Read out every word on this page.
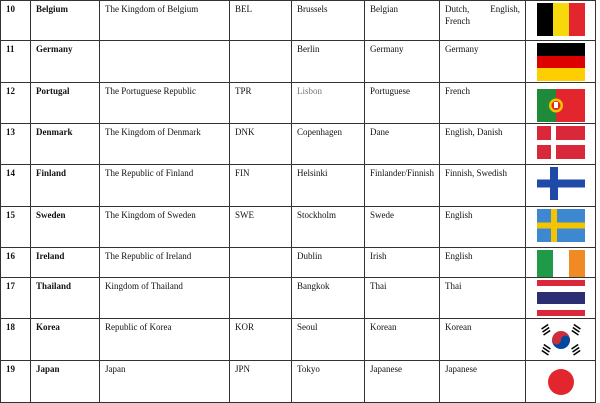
10	Belgium	The Kingdom of Belgium	BEL	Brussels	Belgian	Dutch, English,
French

11	Germany			Berlin	Germany	Germany	

12	Portugal	The Portuguese Republic	TPR	Lisbon	Portuguese	French	

13	Denmark	The Kingdom of Denmark	DNK	Copenhagen	Dane	English, Danish	

14	Finland	The Republic of Finland	FIN	Helsinki	Finlander/Finnish	Finnish, Swedish	

15	Sweden	The Kingdom of Sweden	SWE	Stockholm	Swede	English	

16	Ireland	The Republic of Ireland		Dublin	Irish	English	

17	Thailand	Kingdom of Thailand		Bangkok	Thai	Thai	

18	Korea	Republic of Korea	KOR	Seoul	Korean	Korean	

19	Japan	Japan	JPN	Tokyo	Japanese	Japanese	
